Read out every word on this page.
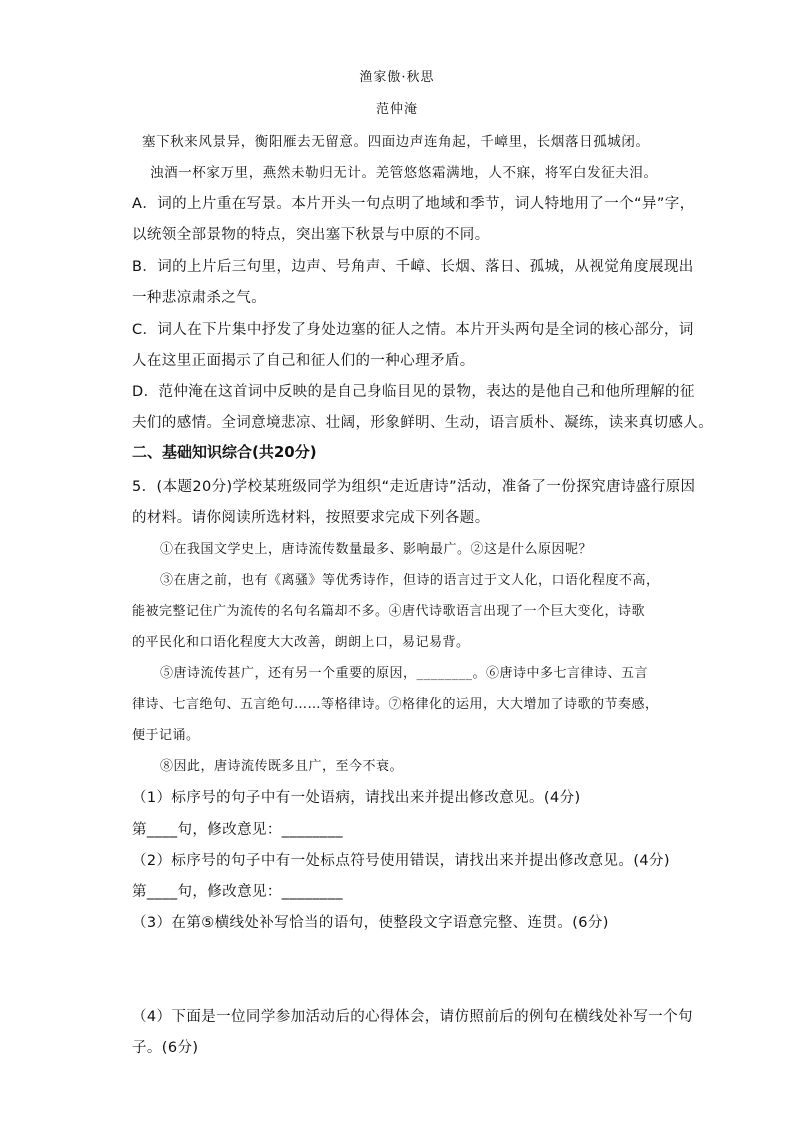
渔家傲·秋思
范仲淹
塞下秋来风景异，衡阳雁去无留意。四面边声连角起，千嶂里，长烟落日孤城闭。
浊酒一杯家万里，燕然未勒归无计。羌管悠悠霜满地，人不寐，将军白发征夫泪。
A．词的上片重在写景。本片开头一句点明了地域和季节，词人特地用了一个“异”字，
以统领全部景物的特点，突出塞下秋景与中原的不同。
B．词的上片后三句里，边声、号角声、千嶂、长烟、落日、孤城，从视觉角度展现出
一种悲凉肃杀之气。
C．词人在下片集中抒发了身处边塞的征人之情。本片开头两句是全词的核心部分，词
人在这里正面揭示了自己和征人们的一种心理矛盾。
D．范仲淹在这首词中反映的是自己身临目见的景物，表达的是他自己和他所理解的征
夫们的感情。全词意境悲凉、壮阔，形象鲜明、生动，语言质朴、凝练，读来真切感人。
二、基础知识综合(共20分)
5．(本题20分)学校某班级同学为组织“走近唐诗”活动，准备了一份探究唐诗盛行原因
的材料。请你阅读所选材料，按照要求完成下列各题。
①在我国文学史上，唐诗流传数量最多、影响最广。②这是什么原因呢？
③在唐之前，也有《离骚》等优秀诗作，但诗的语言过于文人化，口语化程度不高，
能被完整记住广为流传的名句名篇却不多。④唐代诗歌语言出现了一个巨大变化，诗歌
的平民化和口语化程度大大改善，朗朗上口，易记易背。
⑤唐诗流传甚广，还有另一个重要的原因，________。⑥唐诗中多七言律诗、五言
律诗、七言绝句、五言绝句……等格律诗。⑦格律化的运用，大大增加了诗歌的节奏感，
便于记诵。
⑧因此，唐诗流传既多且广，至今不衰。
（1）标序号的句子中有一处语病，请找出来并提出修改意见。(4分)
第____句，修改意见：________
（2）标序号的句子中有一处标点符号使用错误，请找出来并提出修改意见。(4分)
第____句，修改意见：________
（3）在第⑤横线处补写恰当的语句，使整段文字语意完整、连贯。(6分)
（4）下面是一位同学参加活动后的心得体会，请仿照前后的例句在横线处补写一个句
子。(6分)
